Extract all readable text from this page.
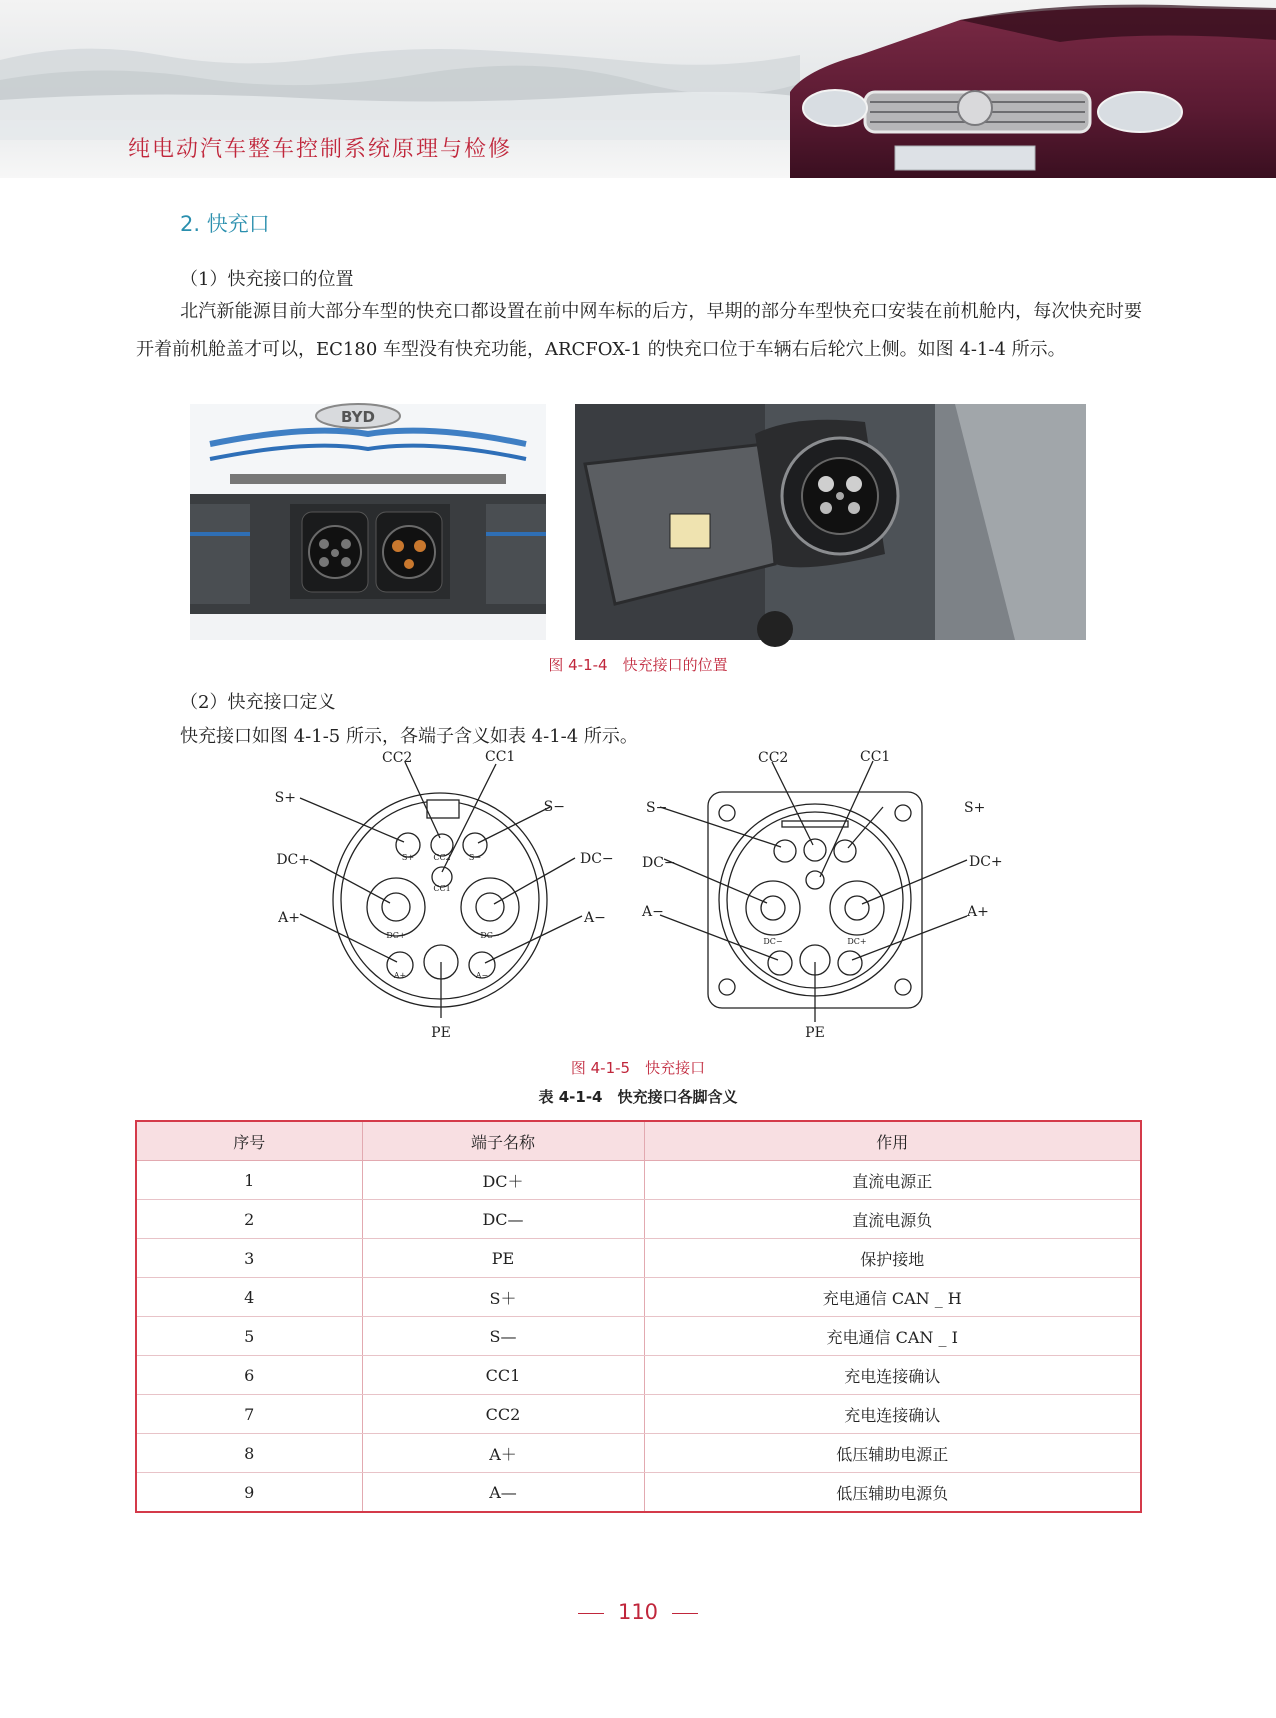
纯电动汽车整车控制系统原理与检修
2. 快充口
（1）快充接口的位置
北汽新能源目前大部分车型的快充口都设置在前中网车标的后方，早期的部分车型快充口安装在前机舱内，每次快充时要开着前机舱盖才可以，EC180 车型没有快充功能，ARCFOX-1 的快充口位于车辆右后轮穴上侧。如图 4-1-4 所示。
BYD
图 4-1-4　快充接口的位置
（2）快充接口定义
快充接口如图 4-1-5 所示，各端子含义如表 4-1-4 所示。
S+ CC2 S−
CC1
DC+	DC−
A+	A−
CC2	CC1
S+
S−
DC+	DC−
A+	A−
PE
DC−	DC+
CC2	CC1
S−	S+
DC−	DC+
A−	A+
PE
图 4-1-5　快充接口
表 4-1-4　快充接口各脚含义
序号	端子名称	作用
1	DC＋	直流电源正
2	DC—	直流电源负
3	PE	保护接地
4	S＋	充电通信 CAN _ H
5	S—	充电通信 CAN _ I
6	CC1	充电连接确认
7	CC2	充电连接确认
8	A＋	低压辅助电源正
9	A—	低压辅助电源负
110
